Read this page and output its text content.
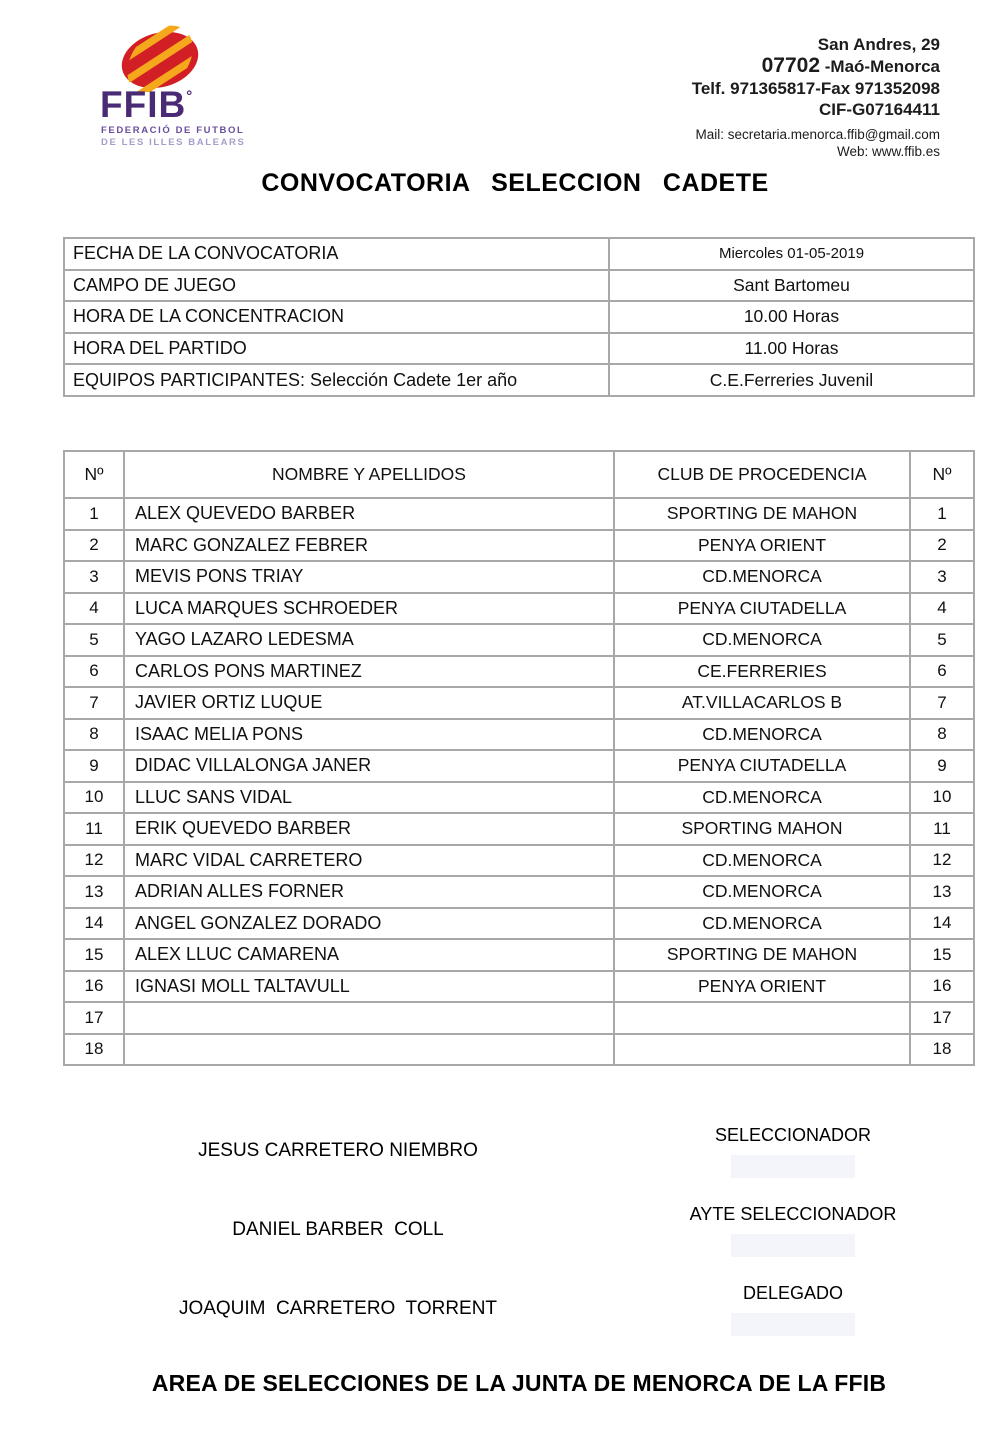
FFIB°
FEDERACIÓ DE FUTBOL
DE LES ILLES BALEARS
San Andres, 29
07702 -Maó-Menorca
Telf. 971365817-Fax 971352098
CIF-G07164411
Mail: secretaria.menorca.ffib@gmail.com
Web: www.ffib.es
CONVOCATORIA SELECCION CADETE
FECHA DE LA CONVOCATORIA	Miercoles 01-05-2019
CAMPO DE JUEGO	Sant Bartomeu
HORA DE LA CONCENTRACION	10.00 Horas
HORA DEL PARTIDO	11.00 Horas
EQUIPOS PARTICIPANTES: Selección Cadete 1er año	C.E.Ferreries Juvenil
Nº	NOMBRE Y APELLIDOS	CLUB DE PROCEDENCIA	Nº
1	ALEX QUEVEDO BARBER	SPORTING DE MAHON	1
2	MARC GONZALEZ FEBRER	PENYA ORIENT	2
3	MEVIS PONS TRIAY	CD.MENORCA	3
4	LUCA MARQUES SCHROEDER	PENYA CIUTADELLA	4
5	YAGO LAZARO LEDESMA	CD.MENORCA	5
6	CARLOS PONS MARTINEZ	CE.FERRERIES	6
7	JAVIER ORTIZ LUQUE	AT.VILLACARLOS B	7
8	ISAAC MELIA PONS	CD.MENORCA	8
9	DIDAC VILLALONGA JANER	PENYA CIUTADELLA	9
10	LLUC SANS VIDAL	CD.MENORCA	10
11	ERIK QUEVEDO BARBER	SPORTING MAHON	11
12	MARC VIDAL CARRETERO	CD.MENORCA	12
13	ADRIAN ALLES FORNER	CD.MENORCA	13
14	ANGEL GONZALEZ DORADO	CD.MENORCA	14
15	ALEX LLUC CAMARENA	SPORTING DE MAHON	15
16	IGNASI MOLL TALTAVULL	PENYA ORIENT	16
17			17
18			18
JESUS CARRETERO NIEMBRO
SELECCIONADOR
DANIEL BARBER  COLL
AYTE SELECCIONADOR
JOAQUIM  CARRETERO  TORRENT
DELEGADO
AREA DE SELECCIONES DE LA JUNTA DE MENORCA DE LA FFIB
